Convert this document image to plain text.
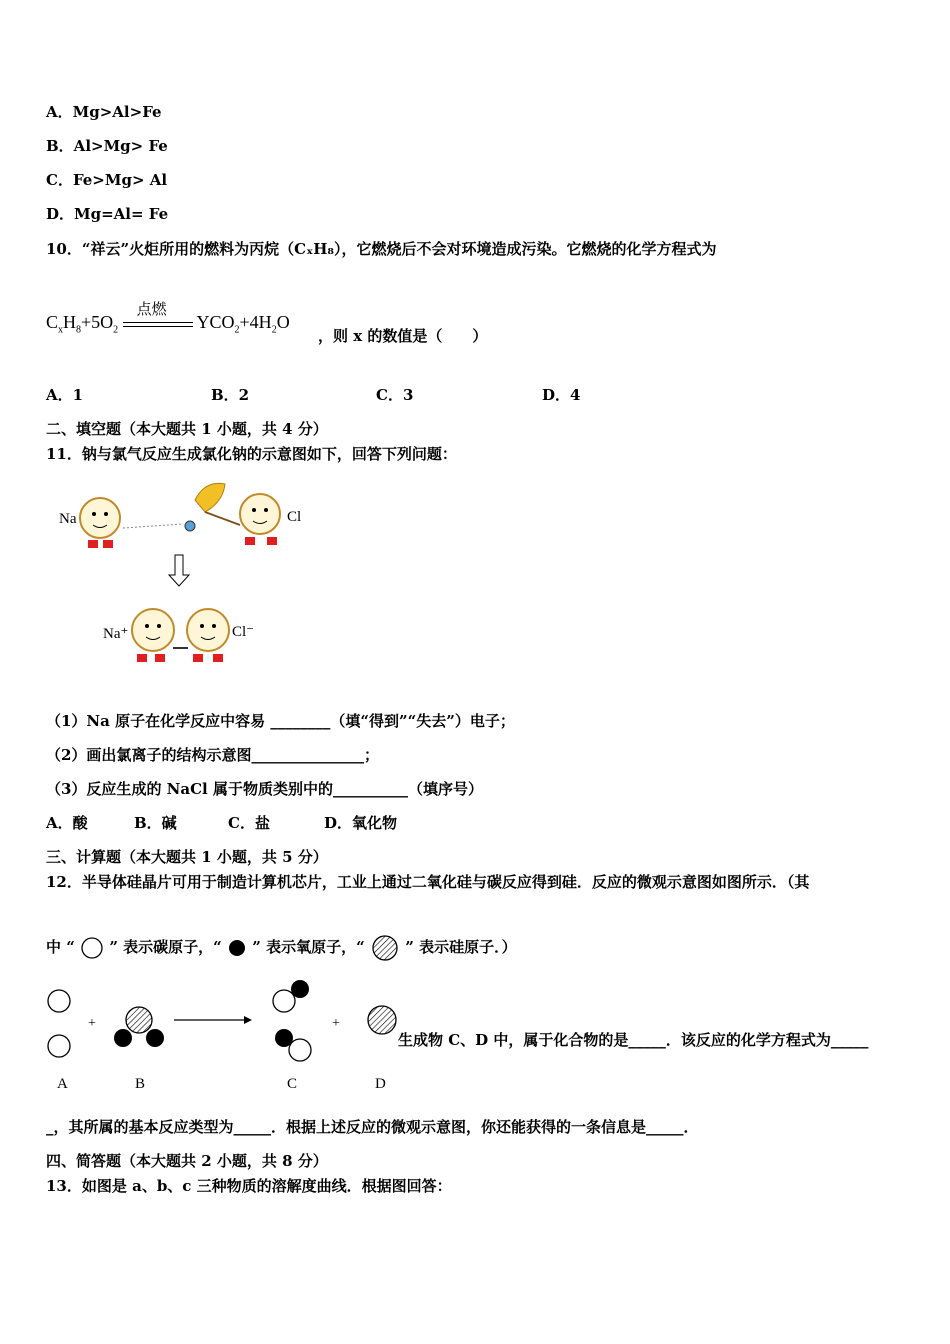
A．Mg>Al>Fe
B．Al>Mg> Fe
C．Fe>Mg> Al
D．Mg=Al= Fe
10．“祥云”火炬所用的燃料为丙烷（CₓH₈），它燃烧后不会对环境造成污染。它燃烧的化学方程式为
$C_xH_8+5O_2$
点燃
$YCO_2+4H_2O$
，则 x 的数值是（　　）
A．1	B．2	C．3	D．4
二、填空题（本大题共 1 小题，共 4 分）
11．钠与氯气反应生成氯化钠的示意图如下，回答下列问题：
Na	Cl
Na⁺	Cl⁻
（1）Na 原子在化学反应中容易 ________（填“得到”“失去”）电子；
（2）画出氯离子的结构示意图_______________；
（3）反应生成的 NaCl 属于物质类别中的__________（填序号）
A．酸	B．碱	C．盐	D．氧化物
三、计算题（本大题共 1 小题，共 5 分）
12．半导体硅晶片可用于制造计算机芯片，工业上通过二氧化硅与碳反应得到硅．反应的微观示意图如图所示．（其
中 “ ” 表示碳原子，“ ” 表示氧原子，“	” 表示硅原子．）
+	+
A	B	C	D
生成物 C、D 中，属于化合物的是_____．该反应的化学方程式为_____
_，其所属的基本反应类型为_____．根据上述反应的微观示意图，你还能获得的一条信息是_____．
四、简答题（本大题共 2 小题，共 8 分）
13．如图是 a、b、c 三种物质的溶解度曲线．根据图回答：
